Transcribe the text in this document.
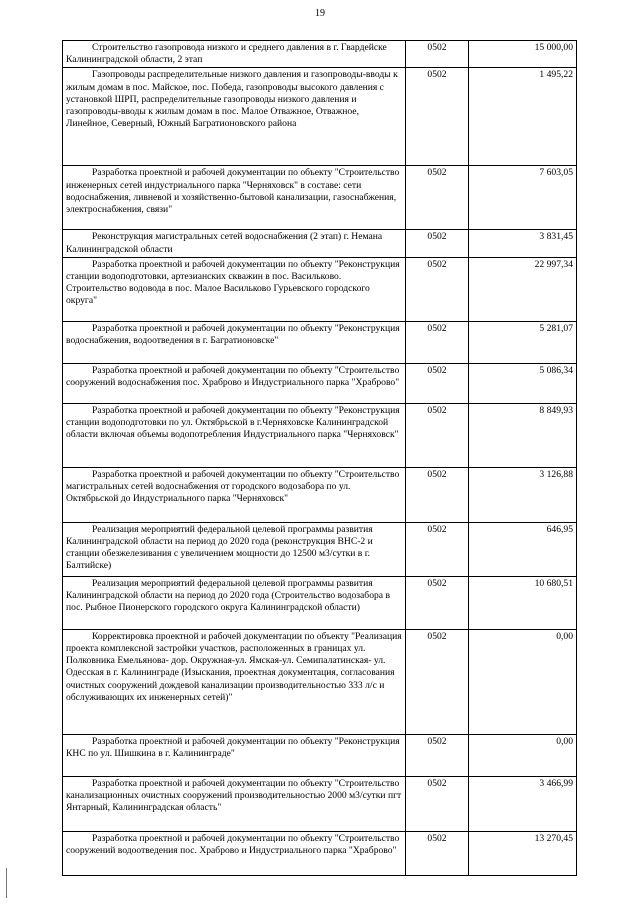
19

Строительство газопровода низкого и среднего давления в г. Гвардейске Калининградской области, 2 этап	0502	15 000,00

Газопроводы распределительные низкого давления и газопроводы-вводы к жилым домам в пос. Майское, пос. Победа, газопроводы высокого давления с установкой ШРП, распределительные газопроводы низкого давления и газопроводы-вводы к жилым домам в пос. Малое Отважное, Отважное, Линейное, Северный, Южный Багратионовского района	0502	1 495,22

Разработка проектной и рабочей документации по объекту "Строительство инженерных сетей индустриального парка "Черняховск" в составе: сети водоснабжения, ливневой и хозяйственно-бытовой канализации, газоснабжения, электроснабжения, связи"	0502	7 603,05

Реконструкция магистральных сетей водоснабжения (2 этап) г. Немана Калининградской области	0502	3 831,45

Разработка проектной и рабочей документации по объекту "Реконструкция станции водоподготовки, артезианских скважин в пос. Васильково. Строительство водовода в пос. Малое Васильково Гурьевского городского округа"	0502	22 997,34

Разработка проектной и рабочей документации по объекту "Реконструкция водоснабжения, водоотведения в г. Багратионовске"	0502	5 281,07

Разработка проектной и рабочей документации по объекту "Строительство сооружений водоснабжения пос. Храброво и Индустриального парка "Храброво"	0502	5 086,34

Разработка проектной и рабочей документации по объекту "Реконструкция станции водоподготовки по ул. Октябрьской в г.Черняховске Калининградской области включая объемы водопотребления Индустриального парка "Черняховск"	0502	8 849,93

Разработка проектной и рабочей документации по объекту "Строительство магистральных сетей водоснабжения от городского водозабора по ул. Октябрьской до Индустриального парка "Черняховск"	0502	3 126,88

Реализация мероприятий федеральной целевой программы развития Калининградской области на период до 2020 года (реконструкция ВНС-2 и станции обезжелезивания с увеличением мощности до 12500 м3/сутки в г. Балтийске)	0502	646,95

Реализация мероприятий федеральной целевой программы развития Калининградской области на период до 2020 года (Строительство водозабора в пос. Рыбное Пионерского городского округа Калининградской области)	0502	10 680,51

Корректировка проектной и рабочей документации по объекту "Реализация проекта комплексной застройки участков, расположенных в границах ул. Полковника Емельянова- дор. Окружная-ул. Ямская-ул. Семипалатинская- ул. Одесская в г. Калининграде (Изыскания, проектная документация, согласования очистных сооружений дождевой канализации производительностью 333 л/с и обслуживающих их инженерных сетей)"	0502	0,00

Разработка проектной и рабочей документации по объекту "Реконструкция КНС по ул. Шишкина в г. Калининграде"	0502	0,00

Разработка проектной и рабочей документации по объекту "Строительство канализационных очистных сооружений производительностью 2000 м3/сутки пгт Янтарный, Калининградская область"	0502	3 466,99

Разработка проектной и рабочей документации по объекту "Строительство сооружений водоотведения пос. Храброво и Индустриального парка "Храброво"	0502	13 270,45
